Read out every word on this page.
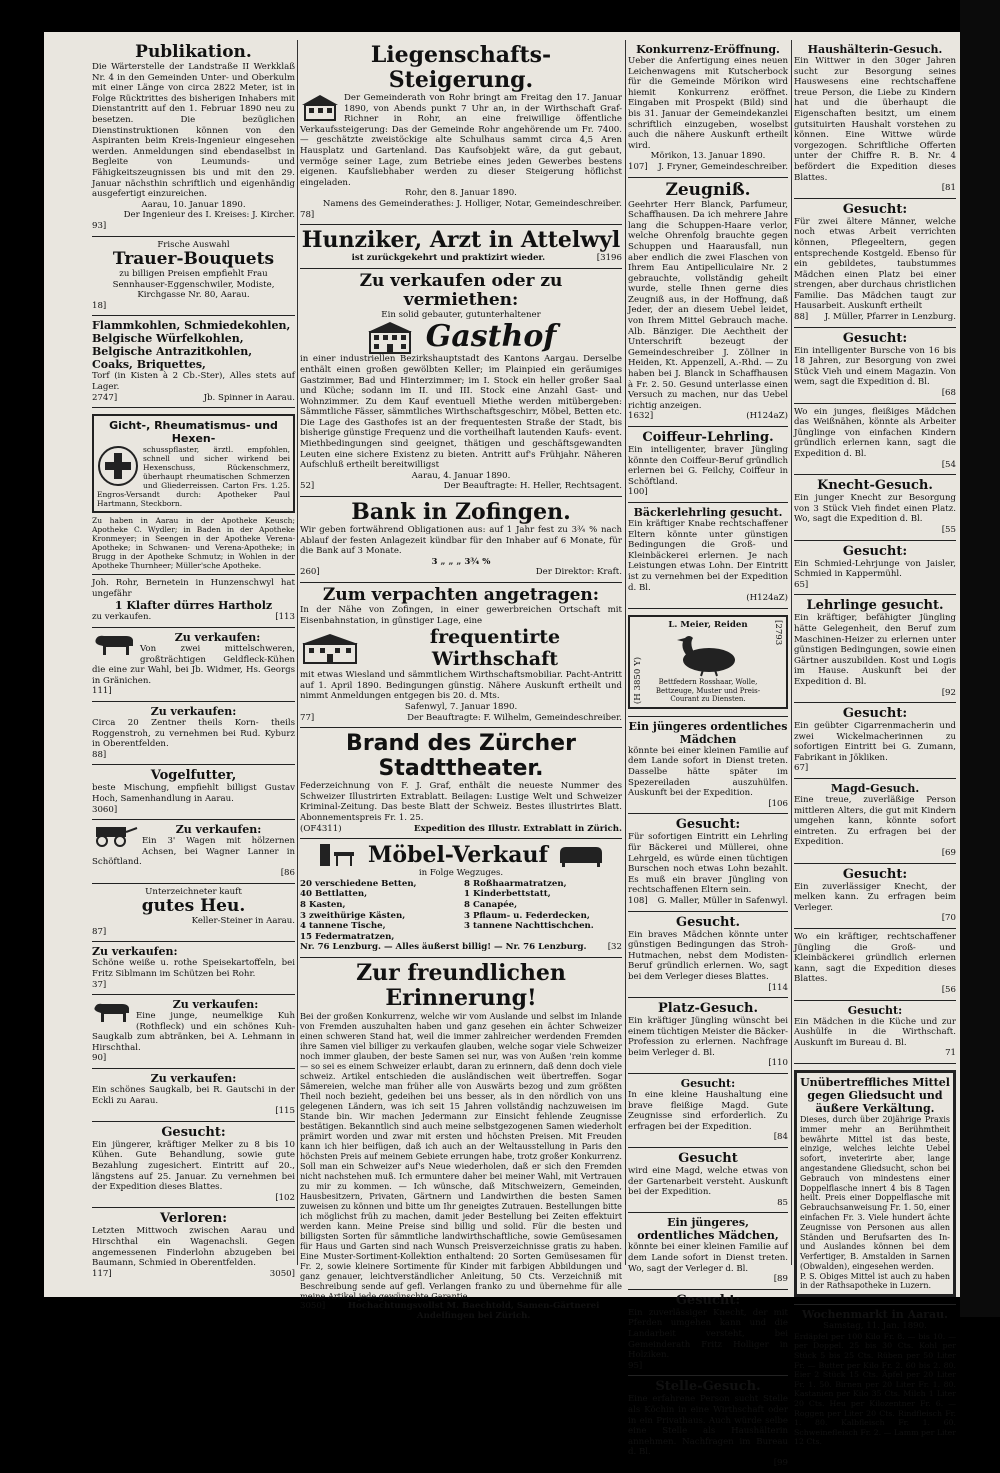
Publikation.

Die Wärterstelle der Landstraße II Werkklaß Nr. 4 in den Gemeinden Unter- und Oberkulm mit einer Länge von circa 2822 Meter, ist in Folge Rücktrittes des bisherigen Inhabers mit Dienstantritt auf den 1. Februar 1890 neu zu besetzen. Die bezüglichen Dienstinstruktionen können von den Aspiranten beim Kreis-Ingenieur eingesehen werden. Anmeldungen sind ebendaselbst in Begleite von Leumunds- und Fähigkeitszeugnissen bis und mit den 29. Januar nächsthin schriftlich und eigenhändig ausgefertigt einzureichen.

Aarau, 10. Januar 1890.
Der Ingenieur des I. Kreises: J. Kircher.
93]
Frische Auswahl
Trauer-Bouquets

zu billigen Preisen empfiehlt Frau Sennhauser-Eggenschwiler, Modiste, Kirchgasse Nr. 80, Aarau.

18]
Flammkohlen, Schmiedekohlen, Belgische Würfelkohlen, Belgische Antrazitkohlen, Coaks, Briquettes,

Torf (in Kisten à 2 Cb.-Ster), Alles stets auf Lager.

2747]	Jb. Spinner in Aarau.
Gicht-, Rheumatismus- und Hexen-

schusspflaster, ärztl. empfohlen, schnell und sicher wirkend bei Hexenschuss, Rückenschmerz, überhaupt rheumatischen Schmerzen und Gliederreissen. Carton Frs. 1.25. Engros-Versandt durch: Apotheker Paul Hartmann, Steckborn.

Zu haben in Aarau in der Apotheke Keusch; Apotheke C. Wydler; in Baden in der Apotheke Kronmeyer; in Seengen in der Apotheke Verena-Apotheke; in Schwanen- und Verena-Apotheke; in Brugg in der Apotheke Schmutz; in Wohlen in der Apotheke Thurnheer; Müller'sche Apotheke.

Joh. Rohr, Bernetein in Hunzenschwyl hat ungefähr

1 Klafter dürres Hartholz
zu verkaufen.	[113
Zu verkaufen:

Von zwei mittelschweren, großträchtigen Geldfleck-Kühen die eine zur Wahl, bei Jb. Widmer, Hs. Georgs in Gränichen.

111]
Zu verkaufen:

Circa 20 Zentner theils Korn- theils Roggenstroh, zu vernehmen bei Rud. Kyburz in Oberentfelden.

88]
Vogelfutter,

beste Mischung, empfiehlt billigst Gustav Hoch, Samenhandlung in Aarau.

3060]
Zu verkaufen:

Ein 3' Wagen mit hölzernen Achsen, bei Wagner Lanner in Schöftland.

[86
Unterzeichneter kauft
gutes Heu.
Keller-Steiner in Aarau.
87]
Zu verkaufen:

Schöne weiße u. rothe Speisekartoffeln, bei Fritz Siblmann im Schützen bei Rohr.

37]
Zu verkaufen:

Eine junge, neumelkige Kuh (Rothfleck) und ein schönes Kuh-Saugkalb zum abtränken, bei A. Lehmann in Hirschthal.

90]
Zu verkaufen:

Ein schönes Saugkalb, bei R. Gautschi in der Eckli zu Aarau.

[115
Gesucht:

Ein jüngerer, kräftiger Melker zu 8 bis 10 Kühen. Gute Behandlung, sowie gute Bezahlung zugesichert. Eintritt auf 20., längstens auf 25. Januar. Zu vernehmen bei der Expedition dieses Blattes.

[102
Verloren:

Letzten Mittwoch zwischen Aarau und Hirschthal ein Wagenachsli. Gegen angemessenen Finderlohn abzugeben bei Baumann, Schmied in Oberentfelden.

117]	3050]
Liegenschafts-Steigerung.

Der Gemeinderath von Rohr bringt am Freitag den 17. Januar 1890, von Abends punkt 7 Uhr an, in der Wirthschaft Graf-Richner in Rohr, an eine freiwillige öffentliche Verkaufssteigerung: Das der Gemeinde Rohr angehörende um Fr. 7400. — geschätzte zweistöckige alte Schulhaus sammt circa 4,5 Aren Hausplatz und Gartenland. Das Kaufsobjekt wäre, da gut gebaut, vermöge seiner Lage, zum Betriebe eines jeden Gewerbes bestens eigenen. Kaufsliebhaber werden zu dieser Steigerung höflichst eingeladen.

Rohr, den 8. Januar 1890.
Namens des Gemeinderathes: J. Holliger, Notar, Gemeindeschreiber.
78]
Hunziker, Arzt in Attelwyl
ist zurückgekehrt und praktizirt wieder.	[3196
Zu verkaufen oder zu vermiethen:
Ein solid gebauter, gutunterhaltener
Gasthof

in einer industriellen Bezirkshauptstadt des Kantons Aargau. Derselbe enthält einen großen gewölbten Keller; im Plainpied ein geräumiges Gastzimmer, Bad und Hinterzimmer; im I. Stock ein heller großer Saal und Küche; sodann im II. und III. Stock eine Anzahl Gast- und Wohnzimmer. Zu dem Kauf eventuell Miethe werden mitübergeben: Sämmtliche Fässer, sämmtliches Wirthschaftsgeschirr, Möbel, Betten etc. Die Lage des Gasthofes ist an der frequentesten Straße der Stadt, bis bisherige günstige Frequenz und die vortheilhaft lautenden Kaufs- event. Miethbedingungen sind geeignet, thätigen und geschäftsgewandten Leuten eine sichere Existenz zu bieten. Antritt auf's Frühjahr. Näheren Aufschluß ertheilt bereitwilligst

Aarau, 4. Januar 1890.
52]	Der Beauftragte: H. Heller, Rechtsagent.
Bank in Zofingen.

Wir geben fortwährend Obligationen aus: auf 1 Jahr fest zu 3¾ % nach Ablauf der festen Anlagezeit kündbar für den Inhaber auf 6 Monate, für die Bank auf 3 Monate.

3 „ „ „ 3¾ %
260]	Der Direktor: Kraft.
Zum verpachten angetragen:

In der Nähe von Zofingen, in einer gewerbreichen Ortschaft mit Eisenbahnstation, in günstiger Lage, eine

frequentirte Wirthschaft

mit etwas Wiesland und sämmtlichem Wirthschaftsmobiliar. Pacht-Antritt auf 1. April 1890. Bedingungen günstig. Nähere Auskunft ertheilt und nimmt Anmeldungen entgegen bis 20. d. Mts.

Safenwyl, 7. Januar 1890.
77]	Der Beauftragte: F. Wilhelm, Gemeindeschreiber.
Brand des Zürcher Stadttheater.

Federzeichnung von F. J. Graf, enthält die neueste Nummer des Schweizer Illustrirten Extrablatt. Beilagen: Lustige Welt und Schweizer Kriminal-Zeitung. Das beste Blatt der Schweiz. Bestes illustrirtes Blatt. Abonnementspreis Fr. 1. 25.

(OF4311)	Expedition des Illustr. Extrablatt in Zürich.
Möbel-Verkauf
in Folge Wegzuges.
20 verschiedene Betten,	8 Roßhaarmatratzen,
40 Bettlatten,	1 Kinderbettstatt,
8 Kasten,	8 Canapée,
3 zweithürige Kästen,	3 Pflaum- u. Federdecken,
4 tannene Tische,	3 tannene Nachttischchen.
15 Federmatratzen,
Nr. 76 Lenzburg. — Alles äußerst billig! — Nr. 76 Lenzburg. [32
Zur freundlichen Erinnerung!

Bei der großen Konkurrenz, welche wir vom Auslande und selbst im Inlande von Fremden auszuhalten haben und ganz gesehen ein ächter Schweizer einen schweren Stand hat, weil die immer zahlreicher werdenden Fremden ihre Samen viel billiger zu verkaufen glauben, welche sogar viele Schweizer noch immer glauben, der beste Samen sei nur, was von Außen 'rein komme — so sei es einem Schweizer erlaubt, daran zu erinnern, daß denn doch viele schweiz. Artikel entschieden die ausländischen weit übertreffen. Sogar Sämereien, welche man früher alle von Auswärts bezog und zum größten Theil noch bezieht, gedeihen bei uns besser, als in den nördlich von uns gelegenen Ländern, was ich seit 15 Jahren vollständig nachzuweisen im Stande bin. Wir machen Jedermann zur Einsicht fehlende Zeugnisse bestätigen. Bekanntlich sind auch meine selbstgezogenen Samen wiederholt prämirt worden und zwar mit ersten und höchsten Preisen. Mit Freuden kann ich hier beifügen, daß ich auch an der Weltausstellung in Paris den höchsten Preis auf meinem Gebiete errungen habe, trotz großer Konkurrenz. Soll man ein Schweizer auf's Neue wiederholen, daß er sich den Fremden nicht nachstehen muß. Ich ermuntere daher bei meiner Wahl, mit Vertrauen zu mir zu kommen. — Ich wünsche, daß Mitschweizern, Gemeinden, Hausbesitzern, Privaten, Gärtnern und Landwirthen die besten Samen zuweisen zu können und bitte um Ihr geneigtes Zutrauen. Bestellungen bitte ich möglichst früh zu machen, damit jeder Bestellung bei Zeiten effektuirt werden kann. Meine Preise sind billig und solid. Für die besten und billigsten Sorten für sämmtliche landwirthschaftliche, sowie Gemüsesamen für Haus und Garten sind nach Wunsch Preisverzeichnisse gratis zu haben. Eine Muster-Sortiment-Kollektion enthaltend: 20 Sorten Gemüsesamen für Fr. 2, sowie kleinere Sortimente für Kinder mit farbigen Abbildungen und ganz genauer, leichtverständlicher Anleitung, 50 Cts. Verzeichniß mit Beschreibung sende auf gefl. Verlangen franko zu und übernehme für alle meine Artikel jede gewünschte Garantie.

3050]	Hochachtungsvollst M. Baechtold, Samen-Gärtnerei Andelfingen bei Zürich.
Konkurrenz-Eröffnung.

Ueber die Anfertigung eines neuen Leichenwagens mit Kutscherbock für die Gemeinde Mörikon wird hiemit Konkurrenz eröffnet. Eingaben mit Prospekt (Bild) sind bis 31. Januar der Gemeindekanzlei schriftlich einzugeben, woselbst auch die nähere Auskunft ertheilt wird.

Mörikon, 13. Januar 1890.
107] J. Fryner, Gemeindeschreiber.
Zeugniß.

Geehrter Herr Blanck, Parfumeur, Schaffhausen. Da ich mehrere Jahre lang die Schuppen-Haare verlor, welche Ohrenfolg brauchte gegen Schuppen und Haarausfall, nun aber endlich die zwei Flaschen von Ihrem Eau Antipelliculaire Nr. 2 gebrauchte, vollständig geheilt wurde, stelle Ihnen gerne dies Zeugniß aus, in der Hoffnung, daß Jeder, der an diesem Uebel leidet, von Ihrem Mittel Gebrauch mache. Alb. Bänziger. Die Aechtheit der Unterschrift bezeugt der Gemeindeschreiber J. Zöllner in Heiden, Kt. Appenzell, A.-Rhd. — Zu haben bei J. Blanck in Schaffhausen à Fr. 2. 50. Gesund unterlasse einen Versuch zu machen, nur das Uebel richtig anzeigen.

1632]	(H124aZ)
Coiffeur-Lehrling.

Ein intelligenter, braver Jüngling könnte den Coiffeur-Beruf gründlich erlernen bei G. Feilchy, Coiffeur in Schöftland.

100]
Bäckerlehrling gesucht.

Ein kräftiger Knabe rechtschaffener Eltern könnte unter günstigen Bedingungen die Groß- und Kleinbäckerei erlernen. Je nach Leistungen etwas Lohn. Der Eintritt ist zu vernehmen bei der Expedition d. Bl.

(H124aZ)
(H 3850 Y)
L. Meier, Reiden

Bettfedern Rosshaar, Wolle, Bettzeuge, Muster und Preis-Courant zu Diensten.

[2793
Ein jüngeres ordentliches Mädchen

könnte bei einer kleinen Familie auf dem Lande sofort in Dienst treten. Dasselbe hätte später im Spezereiladen auszuhülfen. Auskunft bei der Expedition.

[106
Gesucht:

Für sofortigen Eintritt ein Lehrling für Bäckerei und Müllerei, ohne Lehrgeld, es würde einen tüchtigen Burschen noch etwas Lohn bezahlt. Es muß ein braver Jüngling von rechtschaffenen Eltern sein.

108] G. Maller, Müller in Safenwyl.
Gesucht.

Ein braves Mädchen könnte unter günstigen Bedingungen das Stroh-Hutmachen, nebst dem Modisten-Beruf gründlich erlernen. Wo, sagt bei dem Verleger dieses Blattes.

[114
Platz-Gesuch.

Ein kräftiger Jüngling wünscht bei einem tüchtigen Meister die Bäcker-Profession zu erlernen. Nachfrage beim Verleger d. Bl.

[110
Gesucht:

In eine kleine Haushaltung eine brave fleißige Magd. Gute Zeugnisse sind erforderlich. Zu erfragen bei der Expedition.

[84
Gesucht

wird eine Magd, welche etwas von der Gartenarbeit versteht. Auskunft bei der Expedition.

85
Ein jüngeres, ordentliches Mädchen,

könnte bei einer kleinen Familie auf dem Lande sofort in Dienst treten. Wo, sagt der Verleger d. Bl.

[89
Gesucht:

Ein zuverlässiger Knecht, der mit Pferden umgehen kann und die Landarbeit versteht, bei Gemeinderath Fritz Holliger in Holziken.

95]
Stelle-Gesuch.

Eine erfahrene Person sucht Stelle als Köchin in eine Wirthschaft oder in ein Privathaus. Auch würde selbe eine Stelle als Haushälterin annehmen. Nachfragen im Bureau d. Bl.

[99
Haushälterin-Gesuch.

Ein Wittwer in den 30ger Jahren sucht zur Besorgung seines Hauswesens eine rechtschaffene treue Person, die Liebe zu Kindern hat und die überhaupt die Eigenschaften besitzt, um einem gutsituirten Haushalt vorstehen zu können. Eine Wittwe würde vorgezogen. Schriftliche Offerten unter der Chiffre R. B. Nr. 4 befördert die Expedition dieses Blattes.

[81
Gesucht:

Für zwei ältere Männer, welche noch etwas Arbeit verrichten können, Pflegeeltern, gegen entsprechende Kostgeld. Ebenso für ein gebildetes, taubstummes Mädchen einen Platz bei einer strengen, aber durchaus christlichen Familie. Das Mädchen taugt zur Hausarbeit. Auskunft ertheilt

88] J. Müller, Pfarrer in Lenzburg.
Gesucht:

Ein intelligenter Bursche von 16 bis 18 Jahren, zur Besorgung von zwei Stück Vieh und einem Magazin. Von wem, sagt die Expedition d. Bl.

[68

Wo ein junges, fleißiges Mädchen das Weißnähen, könnte als Arbeiter Jünglinge von einfachen Kindern gründlich erlernen kann, sagt die Expedition d. Bl.

[54
Knecht-Gesuch.

Ein junger Knecht zur Besorgung von 3 Stück Vieh findet einen Platz. Wo, sagt die Expedition d. Bl.

[55
Gesucht:

Ein Schmied-Lehrjunge von Jaisler, Schmied in Kappermühl.

65]
Lehrlinge gesucht.

Ein kräftiger, befähigter Jüngling hätte Gelegenheit, den Beruf zum Maschinen-Heizer zu erlernen unter günstigen Bedingungen, sowie einen Gärtner auszubilden. Kost und Logis im Hause. Auskunft bei der Expedition d. Bl.

[92
Gesucht:

Ein geübter Cigarrenmacherin und zwei Wickelmacherinnen zu sofortigen Eintritt bei G. Zumann, Fabrikant in Jökliken.

67]
Magd-Gesuch.

Eine treue, zuverläßige Person mittleren Alters, die gut mit Kindern umgehen kann, könnte sofort eintreten. Zu erfragen bei der Expedition.

[69
Gesucht:

Ein zuverlässiger Knecht, der melken kann. Zu erfragen beim Verleger.

[70

Wo ein kräftiger, rechtschaffener Jüngling die Groß- und Kleinbäckerei gründlich erlernen kann, sagt die Expedition dieses Blattes.

[56
Gesucht:

Ein Mädchen in die Küche und zur Aushülfe in die Wirthschaft. Auskunft im Bureau d. Bl.

71
Unübertreffliches Mittel gegen Gliedsucht und äußere Verkältung.

Dieses, durch über 20jährige Praxis immer mehr an Berühmtheit bewährte Mittel ist das beste, einzige, welches leichte Uebel sofort, inveterirte aber, lange angestandene Gliedsucht, schon bei Gebrauch von mindestens einer Doppelflasche innert 4 bis 8 Tagen heilt. Preis einer Doppelflasche mit Gebrauchsanweisung Fr. 1. 50, einer einfachen Fr. 3. Viele hundert ächte Zeugnisse von Personen aus allen Ständen und Berufsarten des In- und Auslandes können bei dem Verfertiger, B. Amstalden in Sarnen (Obwalden), eingesehen werden.

P. S. Obiges Mittel ist auch zu haben in der Rathsapotheke in Luzern.

Wochenmarkt in Aarau.
Samstag, 11. Jan. 1890.

Erdäpfel per 100 Kilo Fr. 8. — bis 10. — per Doppel. 25 bis 30 Cts. Kohl per Stück 5 bis 25 Cts. Rüben per 50 Liter Fr. — Butter per Kilo Fr. 2. 60 bis 2. 80. Eier 2 Stück 15 Cts. Äpfel per 20 Liter Fr. 1. 50. Birnen per 20 Liter Fr. 1. 80. Kastanien per Kilo 35 Cts. Milch 1 Liter 20 Cts. Heu per Kilozentner Fr. 6. — Roggen per Liter 20 Cts. Rindfleisch Fr. 1. 80. Kalbfleisch Fr. 1. 60. Schweinefleisch Fr. 2. — Lamm per Liter 12 Cts.
